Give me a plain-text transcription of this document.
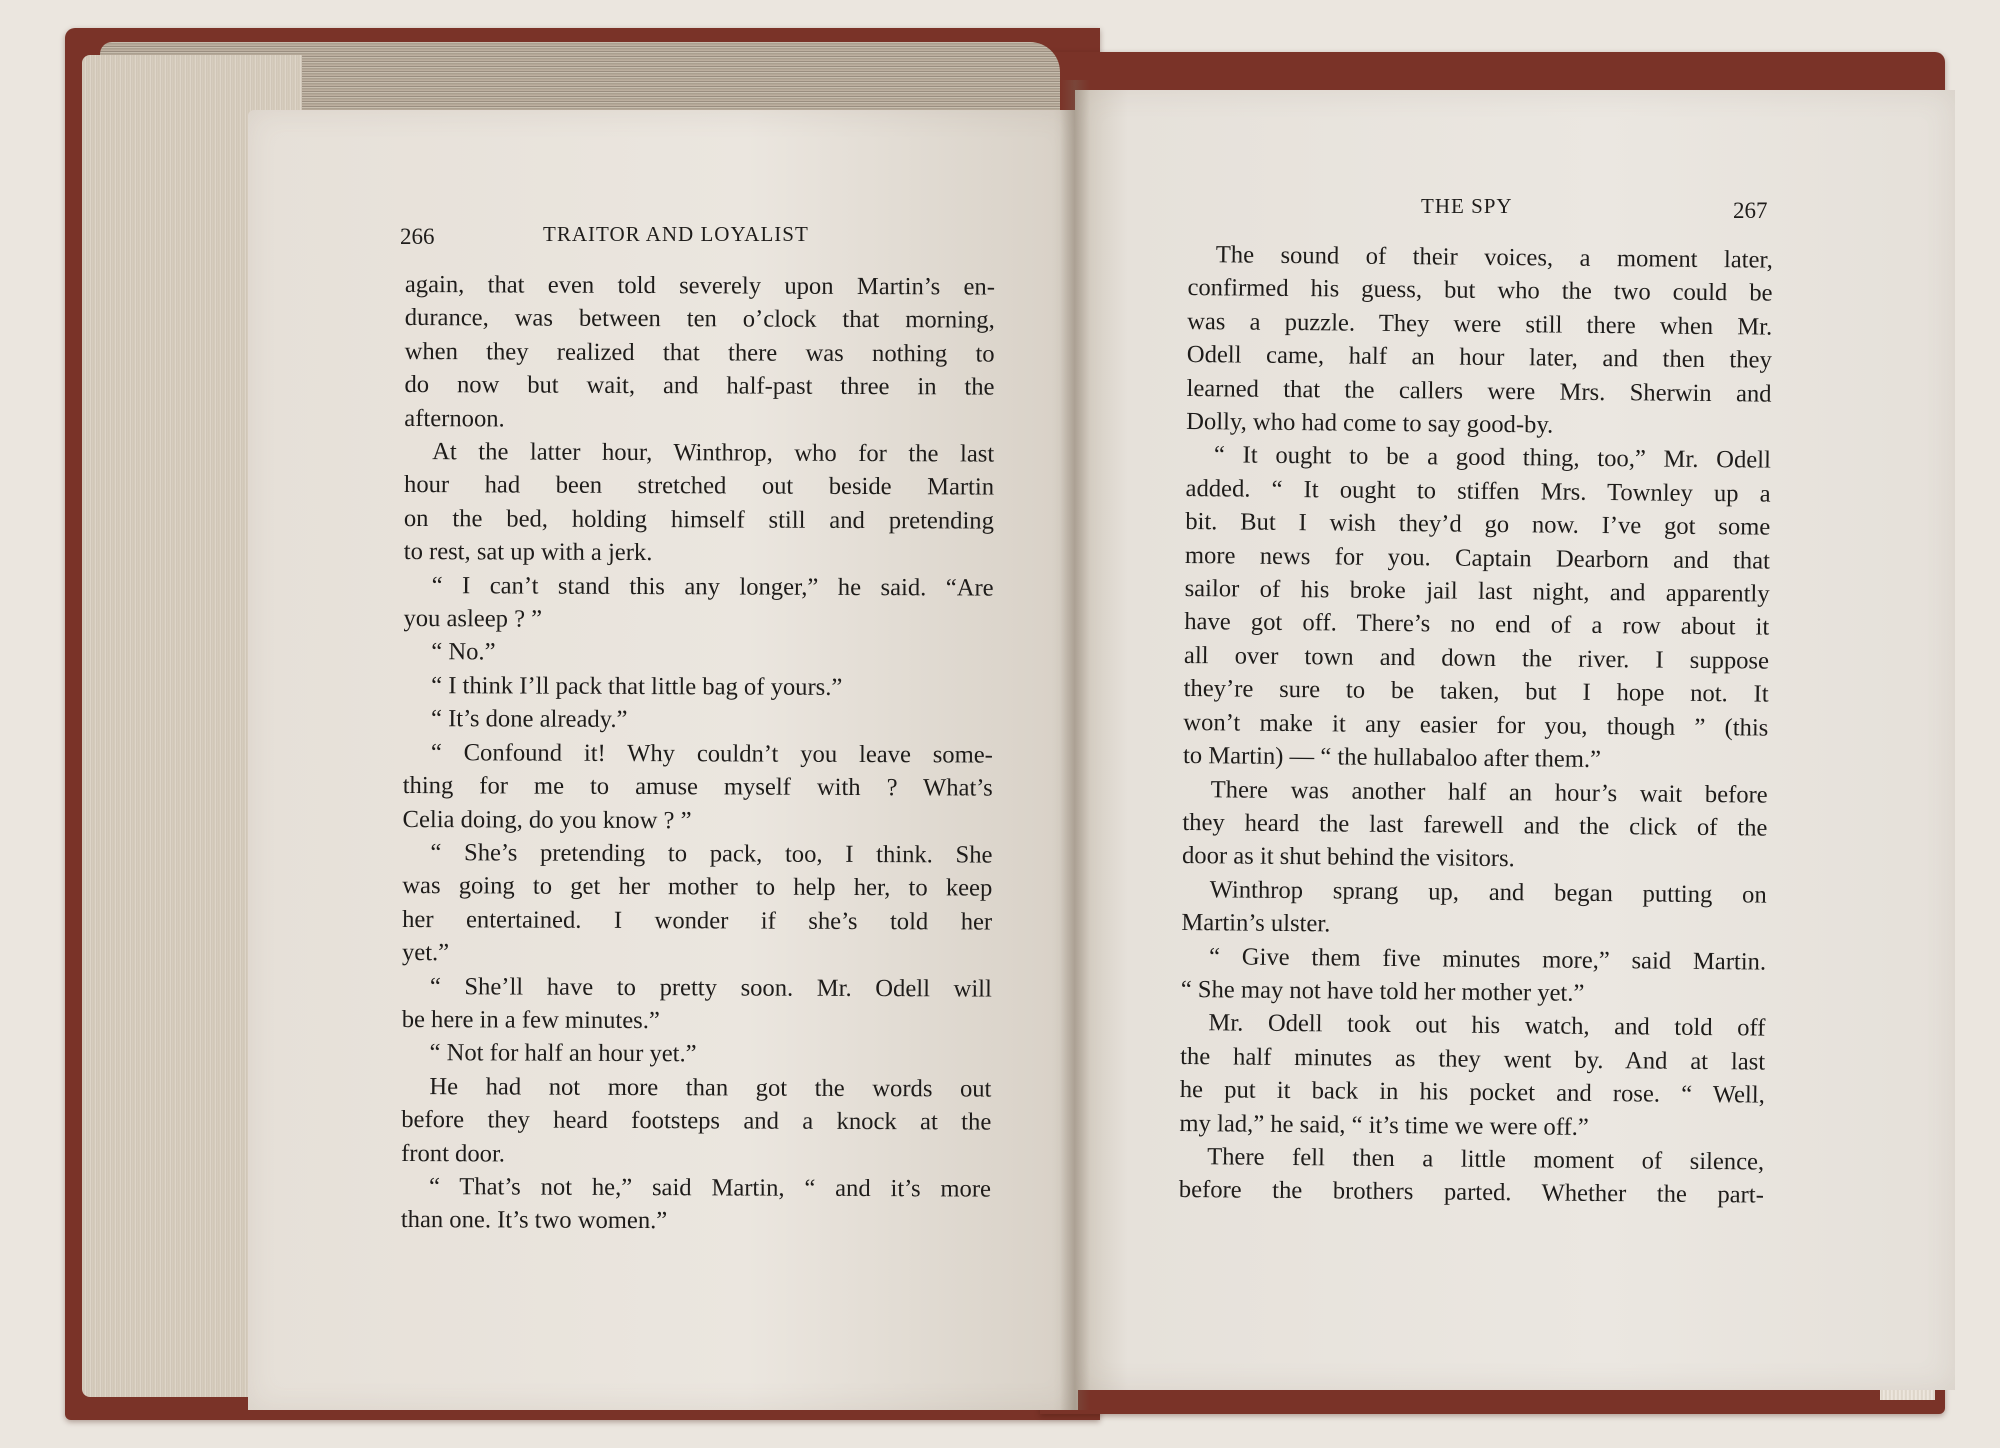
266	TRAITOR AND LOYALIST
THE SPY	267
again, that even told severely upon Martin’s en-
durance, was between ten o’clock that morning,
when they realized that there was nothing to
do now but wait, and half-past three in the
afternoon.
At the latter hour, Winthrop, who for the last
hour had been stretched out beside Martin
on the bed, holding himself still and pretending
to rest, sat up with a jerk.
“ I can’t stand this any longer,” he said. “Are
you asleep ? ”
“ No.”
“ I think I’ll pack that little bag of yours.”
“ It’s done already.”
“ Confound it! Why couldn’t you leave some-
thing for me to amuse myself with ? What’s
Celia doing, do you know ? ”
“ She’s pretending to pack, too, I think. She
was going to get her mother to help her, to keep
her entertained. I wonder if she’s told her
yet.”
“ She’ll have to pretty soon. Mr. Odell will
be here in a few minutes.”
“ Not for half an hour yet.”
He had not more than got the words out
before they heard footsteps and a knock at the
front door.
“ That’s not he,” said Martin, “ and it’s more
than one. It’s two women.”
The sound of their voices, a moment later,
confirmed his guess, but who the two could be
was a puzzle. They were still there when Mr.
Odell came, half an hour later, and then they
learned that the callers were Mrs. Sherwin and
Dolly, who had come to say good-by.
“ It ought to be a good thing, too,” Mr. Odell
added. “ It ought to stiffen Mrs. Townley up a
bit. But I wish they’d go now. I’ve got some
more news for you. Captain Dearborn and that
sailor of his broke jail last night, and apparently
have got off. There’s no end of a row about it
all over town and down the river. I suppose
they’re sure to be taken, but I hope not. It
won’t make it any easier for you, though ” (this
to Martin) — “ the hullabaloo after them.”
There was another half an hour’s wait before
they heard the last farewell and the click of the
door as it shut behind the visitors.
Winthrop sprang up, and began putting on
Martin’s ulster.
“ Give them five minutes more,” said Martin.
“ She may not have told her mother yet.”
Mr. Odell took out his watch, and told off
the half minutes as they went by. And at last
he put it back in his pocket and rose. “ Well,
my lad,” he said, “ it’s time we were off.”
There fell then a little moment of silence,
before the brothers parted. Whether the part-
